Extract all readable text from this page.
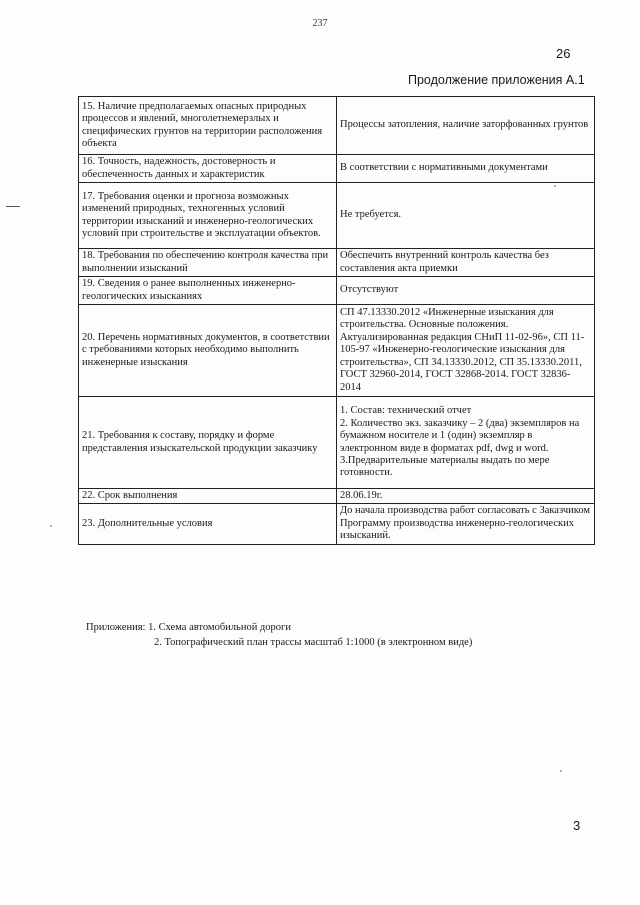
237
26
Продолжение приложения А.1
15. Наличие предполагаемых опасных природных процессов и явлений, многолетнемерзлых и специфических грунтов на территории расположения объекта	Процессы затопления, наличие заторфованных грунтов
16. Точность, надежность, достоверность и обеспеченность данных и характеристик	В соответствии с нормативными документами
17. Требования оценки и прогноза возможных изменений природных, техногенных условий территории изысканий и инженерно-геологических условий при строительстве и эксплуатации объектов.	Не требуется.
18. Требования по обеспечению контроля качества при выполнении изысканий	Обеспечить внутренний контроль качества без составления акта приемки
19. Сведения о ранее выполненных инженерно-геологических изысканиях	Отсутствуют
20. Перечень нормативных документов, в соответствии с требованиями которых необходимо выполнить инженерные изыскания	СП 47.13330.2012 «Инженерные изыскания для строительства. Основные положения. Актуализированная редакция СНиП 11-02-96», СП 11-105-97 «Инженерно-геологические изыскания для строительства», СП 34.13330.2012, СП 35.13330.2011, ГОСТ 32960-2014, ГОСТ 32868-2014. ГОСТ 32836-2014
21. Требования к составу, порядку и форме представления изыскательской продукции заказчику	1. Состав: технический отчет
2. Количество экз. заказчику – 2 (два) экземпляров на бумажном носителе и 1 (один) экземпляр в электронном виде в форматах pdf, dwg и word.
3.Предварительные материалы выдать по мере готовности.

22. Срок выполнения	28.06.19г.
23. Дополнительные условия	До начала производства работ согласовать с Заказчиком Программу производства инженерно-геологических изысканий.
Приложения: 1. Схема автомобильной дороги
2. Топографический план трассы масштаб 1:1000 (в электронном виде)
3
